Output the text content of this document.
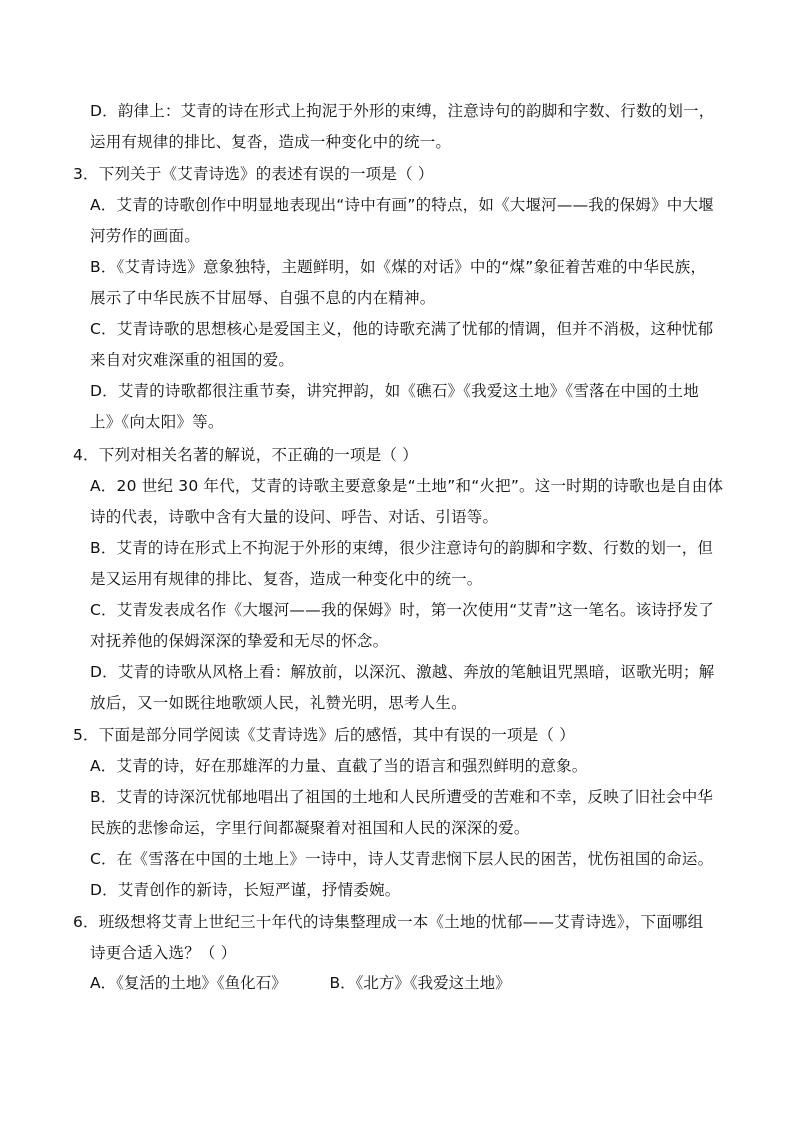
D．韵律上：艾青的诗在形式上拘泥于外形的束缚，注意诗句的韵脚和字数、行数的划一，
运用有规律的排比、复沓，造成一种变化中的统一。
3．下列关于《艾青诗选》的表述有误的一项是（ ）
A．艾青的诗歌创作中明显地表现出“诗中有画”的特点，如《大堰河——我的保姆》中大堰
河劳作的画面。
B．《艾青诗选》意象独特，主题鲜明，如《煤的对话》中的“煤”象征着苦难的中华民族，
展示了中华民族不甘屈辱、自强不息的内在精神。
C．艾青诗歌的思想核心是爱国主义，他的诗歌充满了忧郁的情调，但并不消极，这种忧郁
来自对灾难深重的祖国的爱。
D．艾青的诗歌都很注重节奏，讲究押韵，如《礁石》《我爱这土地》《雪落在中国的土地
上》《向太阳》等。
4．下列对相关名著的解说，不正确的一项是（ ）
A．20 世纪 30 年代，艾青的诗歌主要意象是“土地”和“火把”。这一时期的诗歌也是自由体
诗的代表，诗歌中含有大量的设问、呼告、对话、引语等。
B．艾青的诗在形式上不拘泥于外形的束缚，很少注意诗句的韵脚和字数、行数的划一，但
是又运用有规律的排比、复沓，造成一种变化中的统一。
C．艾青发表成名作《大堰河——我的保姆》时，第一次使用“艾青”这一笔名。该诗抒发了
对抚养他的保姆深深的挚爱和无尽的怀念。
D．艾青的诗歌从风格上看：解放前，以深沉、激越、奔放的笔触诅咒黑暗，讴歌光明；解
放后，又一如既往地歌颂人民，礼赞光明，思考人生。
5．下面是部分同学阅读《艾青诗选》后的感悟，其中有误的一项是（ ）
A．艾青的诗，好在那雄浑的力量、直截了当的语言和强烈鲜明的意象。
B．艾青的诗深沉忧郁地唱出了祖国的土地和人民所遭受的苦难和不幸，反映了旧社会中华
民族的悲惨命运，字里行间都凝聚着对祖国和人民的深深的爱。
C．在《雪落在中国的土地上》一诗中，诗人艾青悲悯下层人民的困苦，忧伤祖国的命运。
D．艾青创作的新诗，长短严谨，抒情委婉。
6．班级想将艾青上世纪三十年代的诗集整理成一本《土地的忧郁——艾青诗选》，下面哪组
诗更合适入选？（ ）
A．《复活的土地》《鱼化石》	B．《北方》《我爱这土地》
